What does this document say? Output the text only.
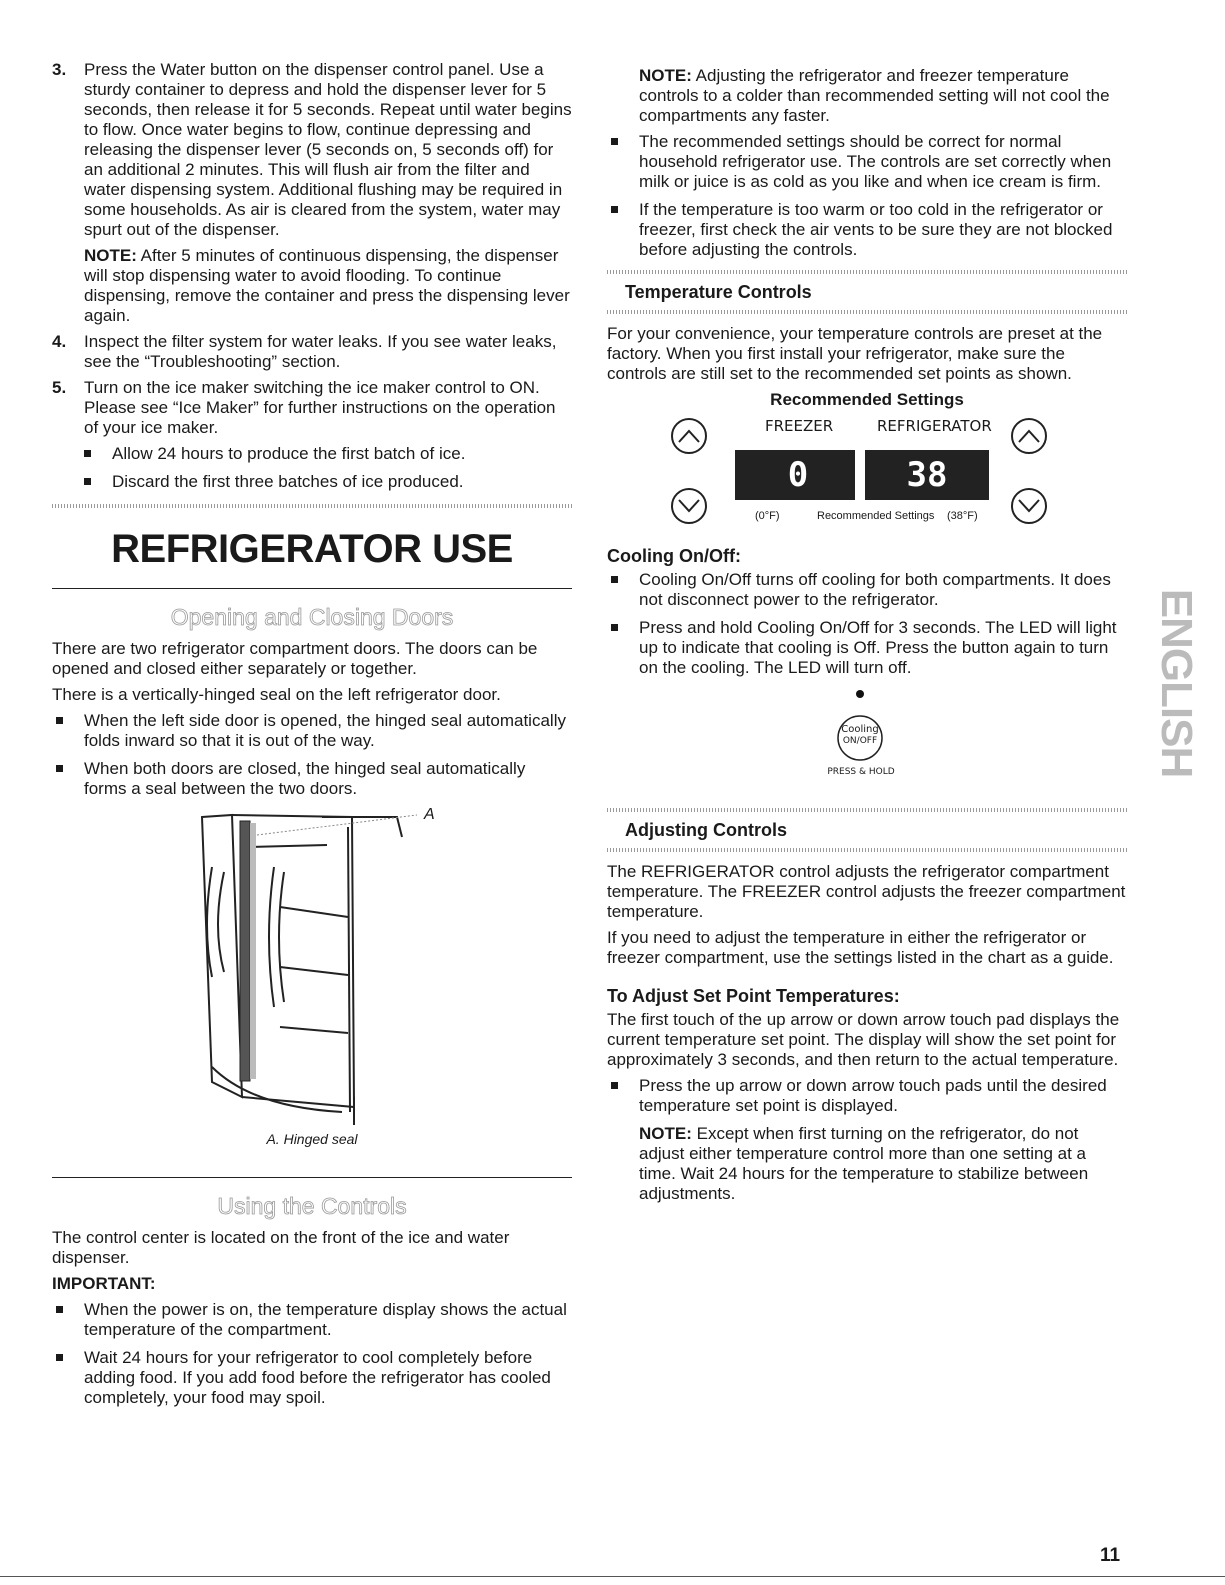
3. Press the Water button on the dispenser control panel. Use a sturdy container to depress and hold the dispenser lever for 5 seconds, then release it for 5 seconds. Repeat until water begins to flow. Once water begins to flow, continue depressing and releasing the dispenser lever (5 seconds on, 5 seconds off) for an additional 2 minutes. This will flush air from the filter and water dispensing system. Additional flushing may be required in some households. As air is cleared from the system, water may spurt out of the dispenser.

NOTE: After 5 minutes of continuous dispensing, the dispenser will stop dispensing water to avoid flooding. To continue dispensing, remove the container and press the dispensing lever again.

4. Inspect the filter system for water leaks. If you see water leaks, see the “Troubleshooting” section.
5. Turn on the ice maker switching the ice maker control to ON. Please see “Ice Maker” for further instructions on the operation of your ice maker.
Allow 24 hours to produce the first batch of ice.
Discard the first three batches of ice produced.
REFRIGERATOR USE
Opening and Closing Doors

There are two refrigerator compartment doors. The doors can be opened and closed either separately or together.

There is a vertically-hinged seal on the left refrigerator door.

When the left side door is opened, the hinged seal automatically folds inward so that it is out of the way.
When both doors are closed, the hinged seal automatically forms a seal between the two doors.
A
A. Hinged seal
Using the Controls

The control center is located on the front of the ice and water dispenser.

IMPORTANT:

When the power is on, the temperature display shows the actual temperature of the compartment.
Wait 24 hours for your refrigerator to cool completely before adding food. If you add food before the refrigerator has cooled completely, your food may spoil.

NOTE: Adjusting the refrigerator and freezer temperature controls to a colder than recommended setting will not cool the compartments any faster.

The recommended settings should be correct for normal household refrigerator use. The controls are set correctly when milk or juice is as cold as you like and when ice cream is firm.
If the temperature is too warm or too cold in the refrigerator or freezer, first check the air vents to be sure they are not blocked before adjusting the controls.
Temperature Controls

For your convenience, your temperature controls are preset at the factory. When you first install your refrigerator, make sure the controls are still set to the recommended set points as shown.

Recommended Settings
FREEZER	REFRIGERATOR
0	38
(0°F)	Recommended Settings (38°F)
Cooling On/Off:
Cooling On/Off turns off cooling for both compartments. It does not disconnect power to the refrigerator.
Press and hold Cooling On/Off for 3 seconds. The LED will light up to indicate that cooling is Off. Press the button again to turn on the cooling. The LED will turn off.
Cooling
ON/OFF
PRESS & HOLD
Adjusting Controls

The REFRIGERATOR control adjusts the refrigerator compartment temperature. The FREEZER control adjusts the freezer compartment temperature.

If you need to adjust the temperature in either the refrigerator or freezer compartment, use the settings listed in the chart as a guide.

To Adjust Set Point Temperatures:

The first touch of the up arrow or down arrow touch pad displays the current temperature set point. The display will show the set point for approximately 3 seconds, and then return to the actual temperature.

Press the up arrow or down arrow touch pads until the desired temperature set point is displayed.

NOTE: Except when first turning on the refrigerator, do not adjust either temperature control more than one setting at a time. Wait 24 hours for the temperature to stabilize between adjustments.

ENGLISH
11
